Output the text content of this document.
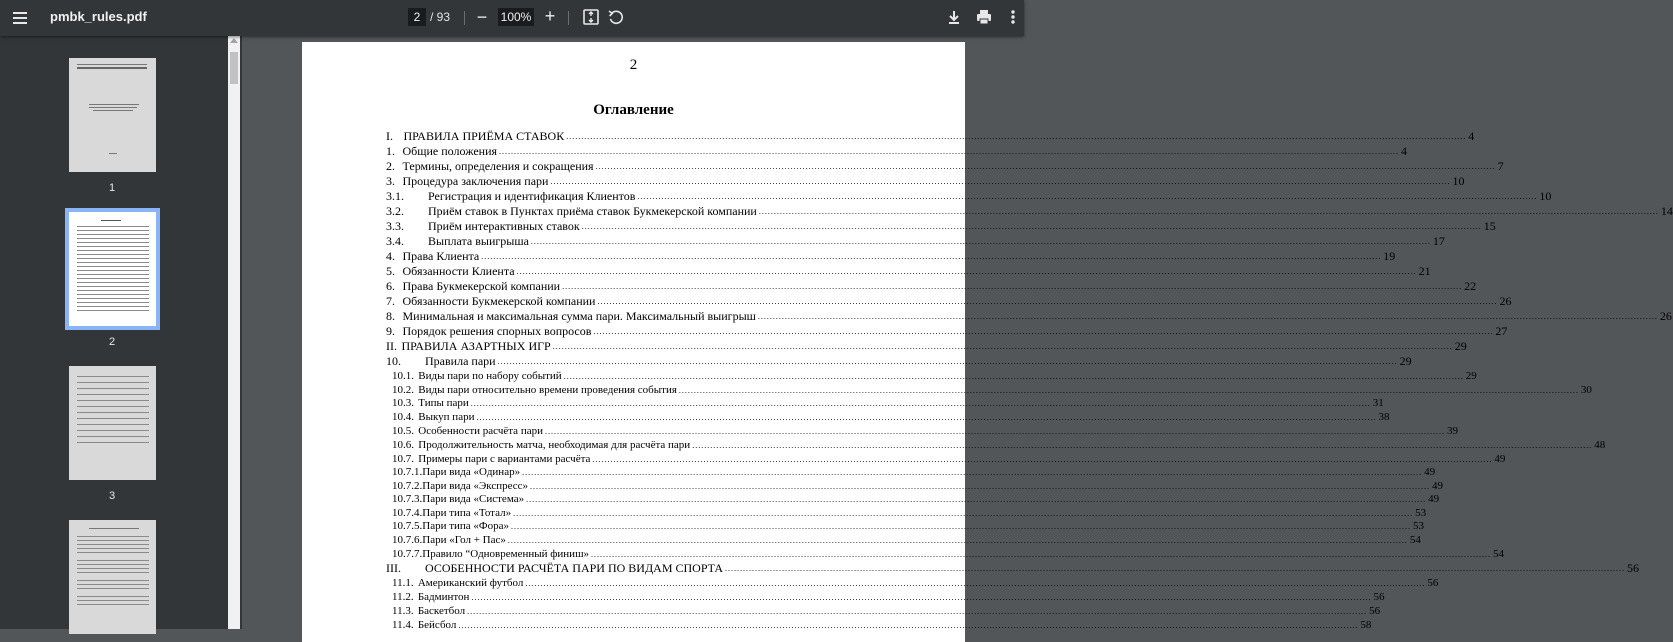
pmbk_rules.pdf	2 / 93 − 100% +
1
2
3
2
Оглавление
I. ПРАВИЛА ПРИЁМА СТАВОК ............................................................................................................................................................................................................................................................................................................ 4
1. Общие положения ............................................................................................................................................................................................................................................................................................................ 4
2. Термины, определения и сокращения ............................................................................................................................................................................................................................................................................................................ 7
3. Процедура заключения пари ............................................................................................................................................................................................................................................................................................................ 10
3.1. Регистрация и идентификация Клиентов ............................................................................................................................................................................................................................................................................................................ 10
3.2. Приём ставок в Пунктах приёма ставок Букмекерской компании ............................................................................................................................................................................................................................................................................................................ 14
3.3. Приём интерактивных ставок ............................................................................................................................................................................................................................................................................................................ 15
3.4. Выплата выигрыша ............................................................................................................................................................................................................................................................................................................ 17
4. Права Клиента ............................................................................................................................................................................................................................................................................................................ 19
5. Обязанности Клиента ............................................................................................................................................................................................................................................................................................................ 21
6. Права Букмекерской компании ............................................................................................................................................................................................................................................................................................................ 22
7. Обязанности Букмекерской компании ............................................................................................................................................................................................................................................................................................................ 26
8. Минимальная и максимальная сумма пари. Максимальный выигрыш ............................................................................................................................................................................................................................................................................................................ 26
9. Порядок решения спорных вопросов ............................................................................................................................................................................................................................................................................................................ 27
II. ПРАВИЛА АЗАРТНЫХ ИГР ............................................................................................................................................................................................................................................................................................................ 29
10. Правила пари ............................................................................................................................................................................................................................................................................................................ 29
10.1. Виды пари по набору событий ............................................................................................................................................................................................................................................................................................................ 29
10.2. Виды пари относительно времени проведения события ............................................................................................................................................................................................................................................................................................................ 30
10.3. Типы пари ............................................................................................................................................................................................................................................................................................................ 31
10.4. Выкуп пари ............................................................................................................................................................................................................................................................................................................ 38
10.5. Особенности расчёта пари ............................................................................................................................................................................................................................................................................................................ 39
10.6. Продолжительность матча, необходимая для расчёта пари ............................................................................................................................................................................................................................................................................................................ 48
10.7. Примеры пари с вариантами расчёта ............................................................................................................................................................................................................................................................................................................ 49
10.7.1.Пари вида «Одинар» ............................................................................................................................................................................................................................................................................................................ 49
10.7.2.Пари вида «Экспресс» ............................................................................................................................................................................................................................................................................................................ 49
10.7.3.Пари вида «Система» ............................................................................................................................................................................................................................................................................................................ 49
10.7.4.Пари типа «Тотал» ............................................................................................................................................................................................................................................................................................................ 53
10.7.5.Пари типа «Фора» ............................................................................................................................................................................................................................................................................................................ 53
10.7.6.Пари «Гол + Пас» ............................................................................................................................................................................................................................................................................................................ 54
10.7.7.Правило “Одновременный финиш» ............................................................................................................................................................................................................................................................................................................ 54
III. ОСОБЕННОСТИ РАСЧЁТА ПАРИ ПО ВИДАМ СПОРТА ............................................................................................................................................................................................................................................................................................................ 56
11.1. Американский футбол ............................................................................................................................................................................................................................................................................................................ 56
11.2. Бадминтон ............................................................................................................................................................................................................................................................................................................ 56
11.3. Баскетбол ............................................................................................................................................................................................................................................................................................................ 56
11.4. Бейсбол ............................................................................................................................................................................................................................................................................................................ 58
